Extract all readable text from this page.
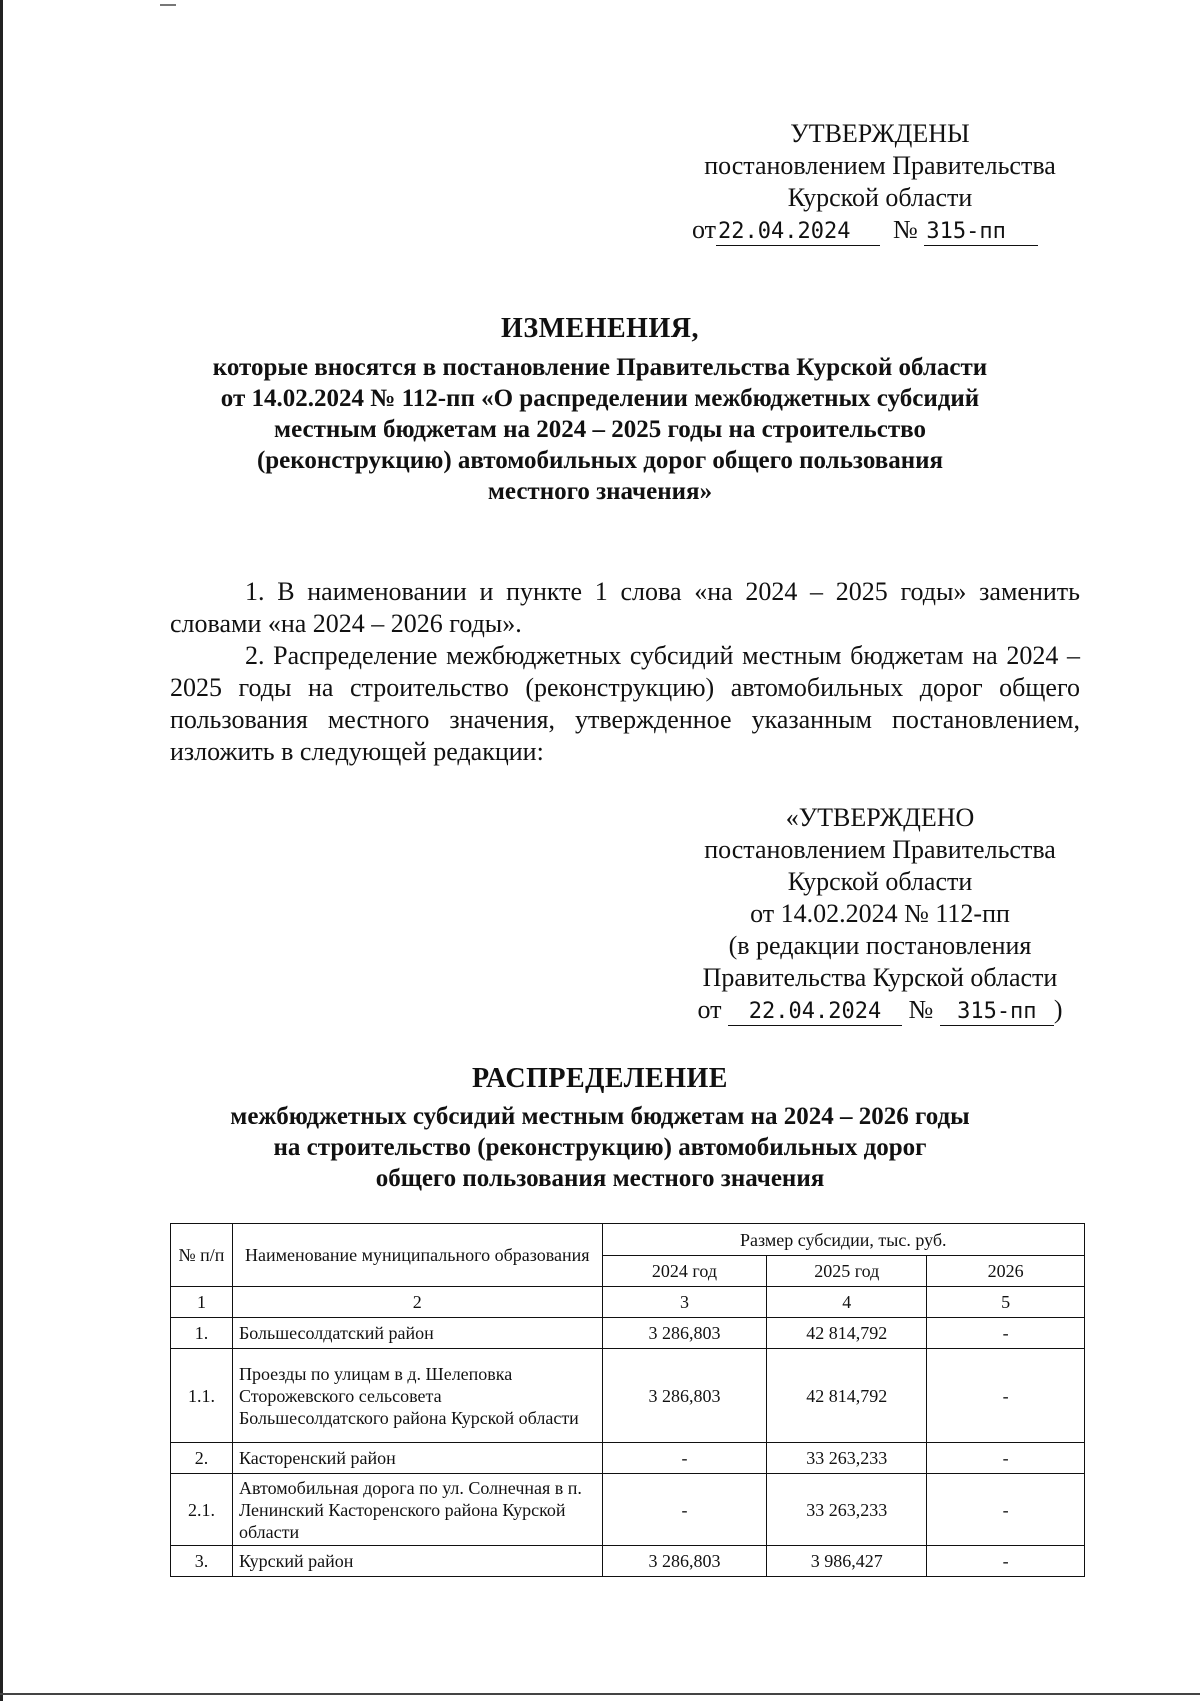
УТВЕРЖДЕНЫ
постановлением Правительства
Курской области
от22.04.2024 № 315-пп
ИЗМЕНЕНИЯ,
которые вносятся в постановление Правительства Курской области
от 14.02.2024 № 112-пп «О распределении межбюджетных субсидий
местным бюджетам на 2024 – 2025 годы на строительство
(реконструкцию) автомобильных дорог общего пользования
местного значения»

1. В наименовании и пункте 1 слова «на 2024 – 2025 годы» заменить словами «на 2024 – 2026 годы».

2. Распределение межбюджетных субсидий местным бюджетам на 2024 – 2025 годы на строительство (реконструкцию) автомобильных дорог общего пользования местного значения, утвержденное указанным постановлением, изложить в следующей редакции:

«УТВЕРЖДЕНО
постановлением Правительства
Курской области
от 14.02.2024 № 112-пп
(в редакции постановления
Правительства Курской области
от 22.04.2024 № 315-пп )
РАСПРЕДЕЛЕНИЕ
межбюджетных субсидий местным бюджетам на 2024 – 2026 годы
на строительство (реконструкцию) автомобильных дорог
общего пользования местного значения
№ п/п	Наименование муниципального образования	Размер субсидии, тыс. руб.		
		2024 год	2025 год	2026
1	2	3	4	5
1.	Большесолдатский район	3 286,803	42 814,792	-
1.1.	Проезды по улицам в д. Шелеповка Сторожевского сельсовета Большесолдатского района Курской области	3 286,803	42 814,792	-
2.	Касторенский район	-	33 263,233	-
2.1.	Автомобильная дорога по ул. Солнечная в п. Ленинский Касторенского района Курской области	-	33 263,233	-
3.	Курский район	3 286,803	3 986,427	-
